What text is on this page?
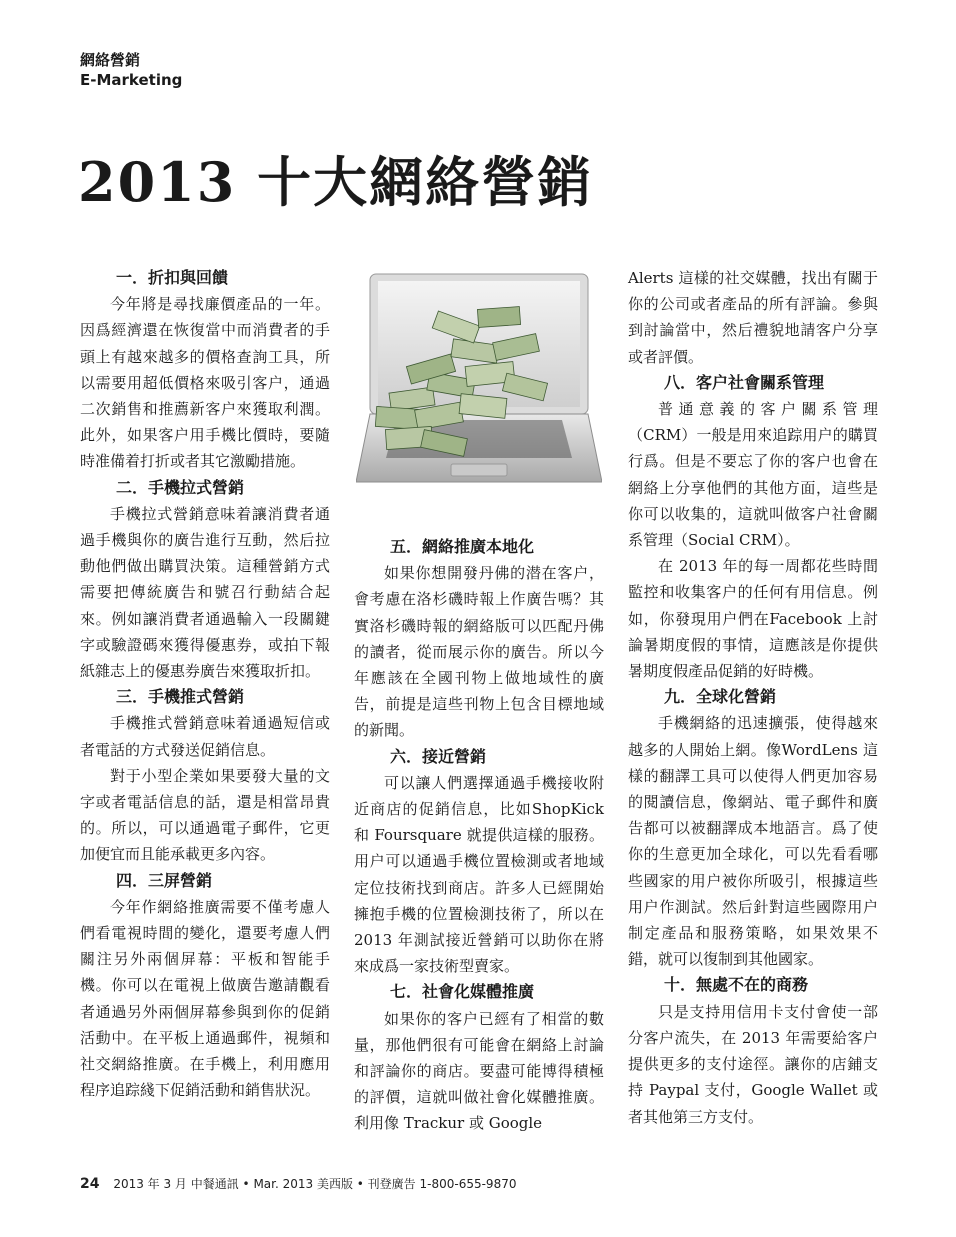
網絡營銷
E-Marketing
2013 十大網絡營銷
一．折扣與回饋

今年將是尋找廉價產品的一年。因爲經濟還在恢復當中而消費者的手頭上有越來越多的價格查詢工具，所以需要用超低價格來吸引客户，通過二次銷售和推薦新客户來獲取利潤。此外，如果客户用手機比價時，要隨時准備着打折或者其它激勵措施。

二．手機拉式營銷

手機拉式營銷意味着讓消費者通過手機與你的廣告進行互動，然后拉動他們做出購買決策。這種營銷方式需要把傳統廣告和號召行動結合起來。例如讓消費者通過輸入一段關鍵字或驗證碼來獲得優惠券，或拍下報紙雜志上的優惠券廣告來獲取折扣。

三．手機推式營銷

手機推式營銷意味着通過短信或者電話的方式發送促銷信息。

對于小型企業如果要發大量的文字或者電話信息的話，還是相當昂貴的。所以，可以通過電子郵件，它更加便宜而且能承載更多內容。

四．三屏營銷

今年作網絡推廣需要不僅考慮人們看電視時間的變化，還要考慮人們關注另外兩個屏幕：平板和智能手機。你可以在電視上做廣告邀請觀看者通過另外兩個屏幕參與到你的促銷活動中。在平板上通過郵件，視頻和社交網絡推廣。在手機上，利用應用程序追踪綫下促銷活動和銷售狀況。

五．網絡推廣本地化

如果你想開發丹佛的潜在客户，會考慮在洛杉磯時報上作廣告嗎？其實洛杉磯時報的網絡版可以匹配丹佛的讀者，從而展示你的廣告。所以今年應該在全國刊物上做地域性的廣告，前提是這些刊物上包含目標地域的新聞。

六．接近營銷

可以讓人們選擇通過手機接收附近商店的促銷信息，比如ShopKick 和 Foursquare 就提供這樣的服務。用户可以通過手機位置檢測或者地域定位技術找到商店。許多人已經開始擁抱手機的位置檢測技術了，所以在 2013 年測試接近營銷可以助你在將來成爲一家技術型賣家。

七．社會化媒體推廣

如果你的客户已經有了相當的數量，那他們很有可能會在網絡上討論和評論你的商店。要盡可能博得積極的評價，這就叫做社會化媒體推廣。利用像 Trackur 或 Google

Alerts 這樣的社交媒體，找出有關于你的公司或者產品的所有評論。參與到討論當中，然后禮貌地請客户分享或者評價。

八．客户社會關系管理

普通意義的客户關系管理（CRM）一般是用來追踪用户的購買行爲。但是不要忘了你的客户也會在網絡上分享他們的其他方面，這些是你可以收集的，這就叫做客户社會關系管理（Social CRM）。

在 2013 年的每一周都花些時間監控和收集客户的任何有用信息。例如，你發現用户們在Facebook 上討論暑期度假的事情，這應該是你提供暑期度假產品促銷的好時機。

九．全球化營銷

手機網絡的迅速擴張，使得越來越多的人開始上網。像WordLens 這樣的翻譯工具可以使得人們更加容易的閱讀信息，像網站、電子郵件和廣告都可以被翻譯成本地語言。爲了使你的生意更加全球化，可以先看看哪些國家的用户被你所吸引，根據這些用户作測試。然后針對這些國際用户制定產品和服務策略，如果效果不錯，就可以復制到其他國家。

十．無處不在的商務

只是支持用信用卡支付會使一部分客户流失，在 2013 年需要給客户提供更多的支付途徑。讓你的店鋪支持 Paypal 支付，Google Wallet 或者其他第三方支付。

24 2013 年 3 月 中餐通訊 • Mar. 2013 美西版 • 刊登廣告 1-800-655-9870
